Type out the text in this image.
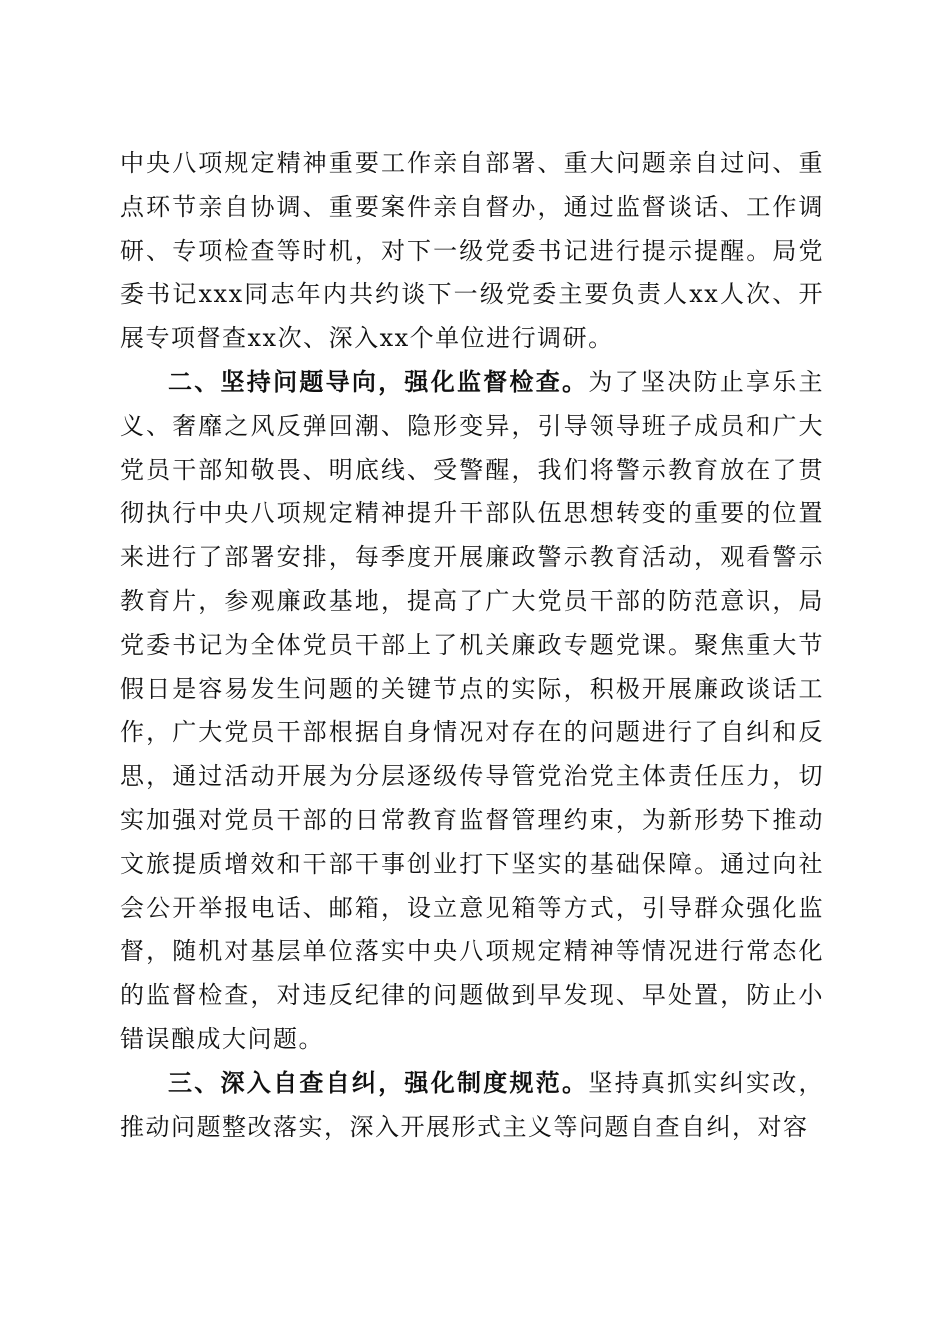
中央八项规定精神重要工作亲自部署、重大问题亲自过问、重点环节亲自协调、重要案件亲自督办，通过监督谈话、工作调研、专项检查等时机，对下一级党委书记进行提示提醒。局党委书记xxx同志年内共约谈下一级党委主要负责人xx人次、开展专项督查xx次、深入xx个单位进行调研。

二、坚持问题导向，强化监督检查。为了坚决防止享乐主义、奢靡之风反弹回潮、隐形变异，引导领导班子成员和广大党员干部知敬畏、明底线、受警醒，我们将警示教育放在了贯彻执行中央八项规定精神提升干部队伍思想转变的重要的位置来进行了部署安排，每季度开展廉政警示教育活动，观看警示教育片，参观廉政基地，提高了广大党员干部的防范意识，局党委书记为全体党员干部上了机关廉政专题党课。聚焦重大节假日是容易发生问题的关键节点的实际，积极开展廉政谈话工作，广大党员干部根据自身情况对存在的问题进行了自纠和反思，通过活动开展为分层逐级传导管党治党主体责任压力，切实加强对党员干部的日常教育监督管理约束，为新形势下推动文旅提质增效和干部干事创业打下坚实的基础保障。通过向社会公开举报电话、邮箱，设立意见箱等方式，引导群众强化监督，随机对基层单位落实中央八项规定精神等情况进行常态化的监督检查，对违反纪律的问题做到早发现、早处置，防止小错误酿成大问题。

三、深入自查自纠，强化制度规范。坚持真抓实纠实改，推动问题整改落实，深入开展形式主义等问题自查自纠，对容
